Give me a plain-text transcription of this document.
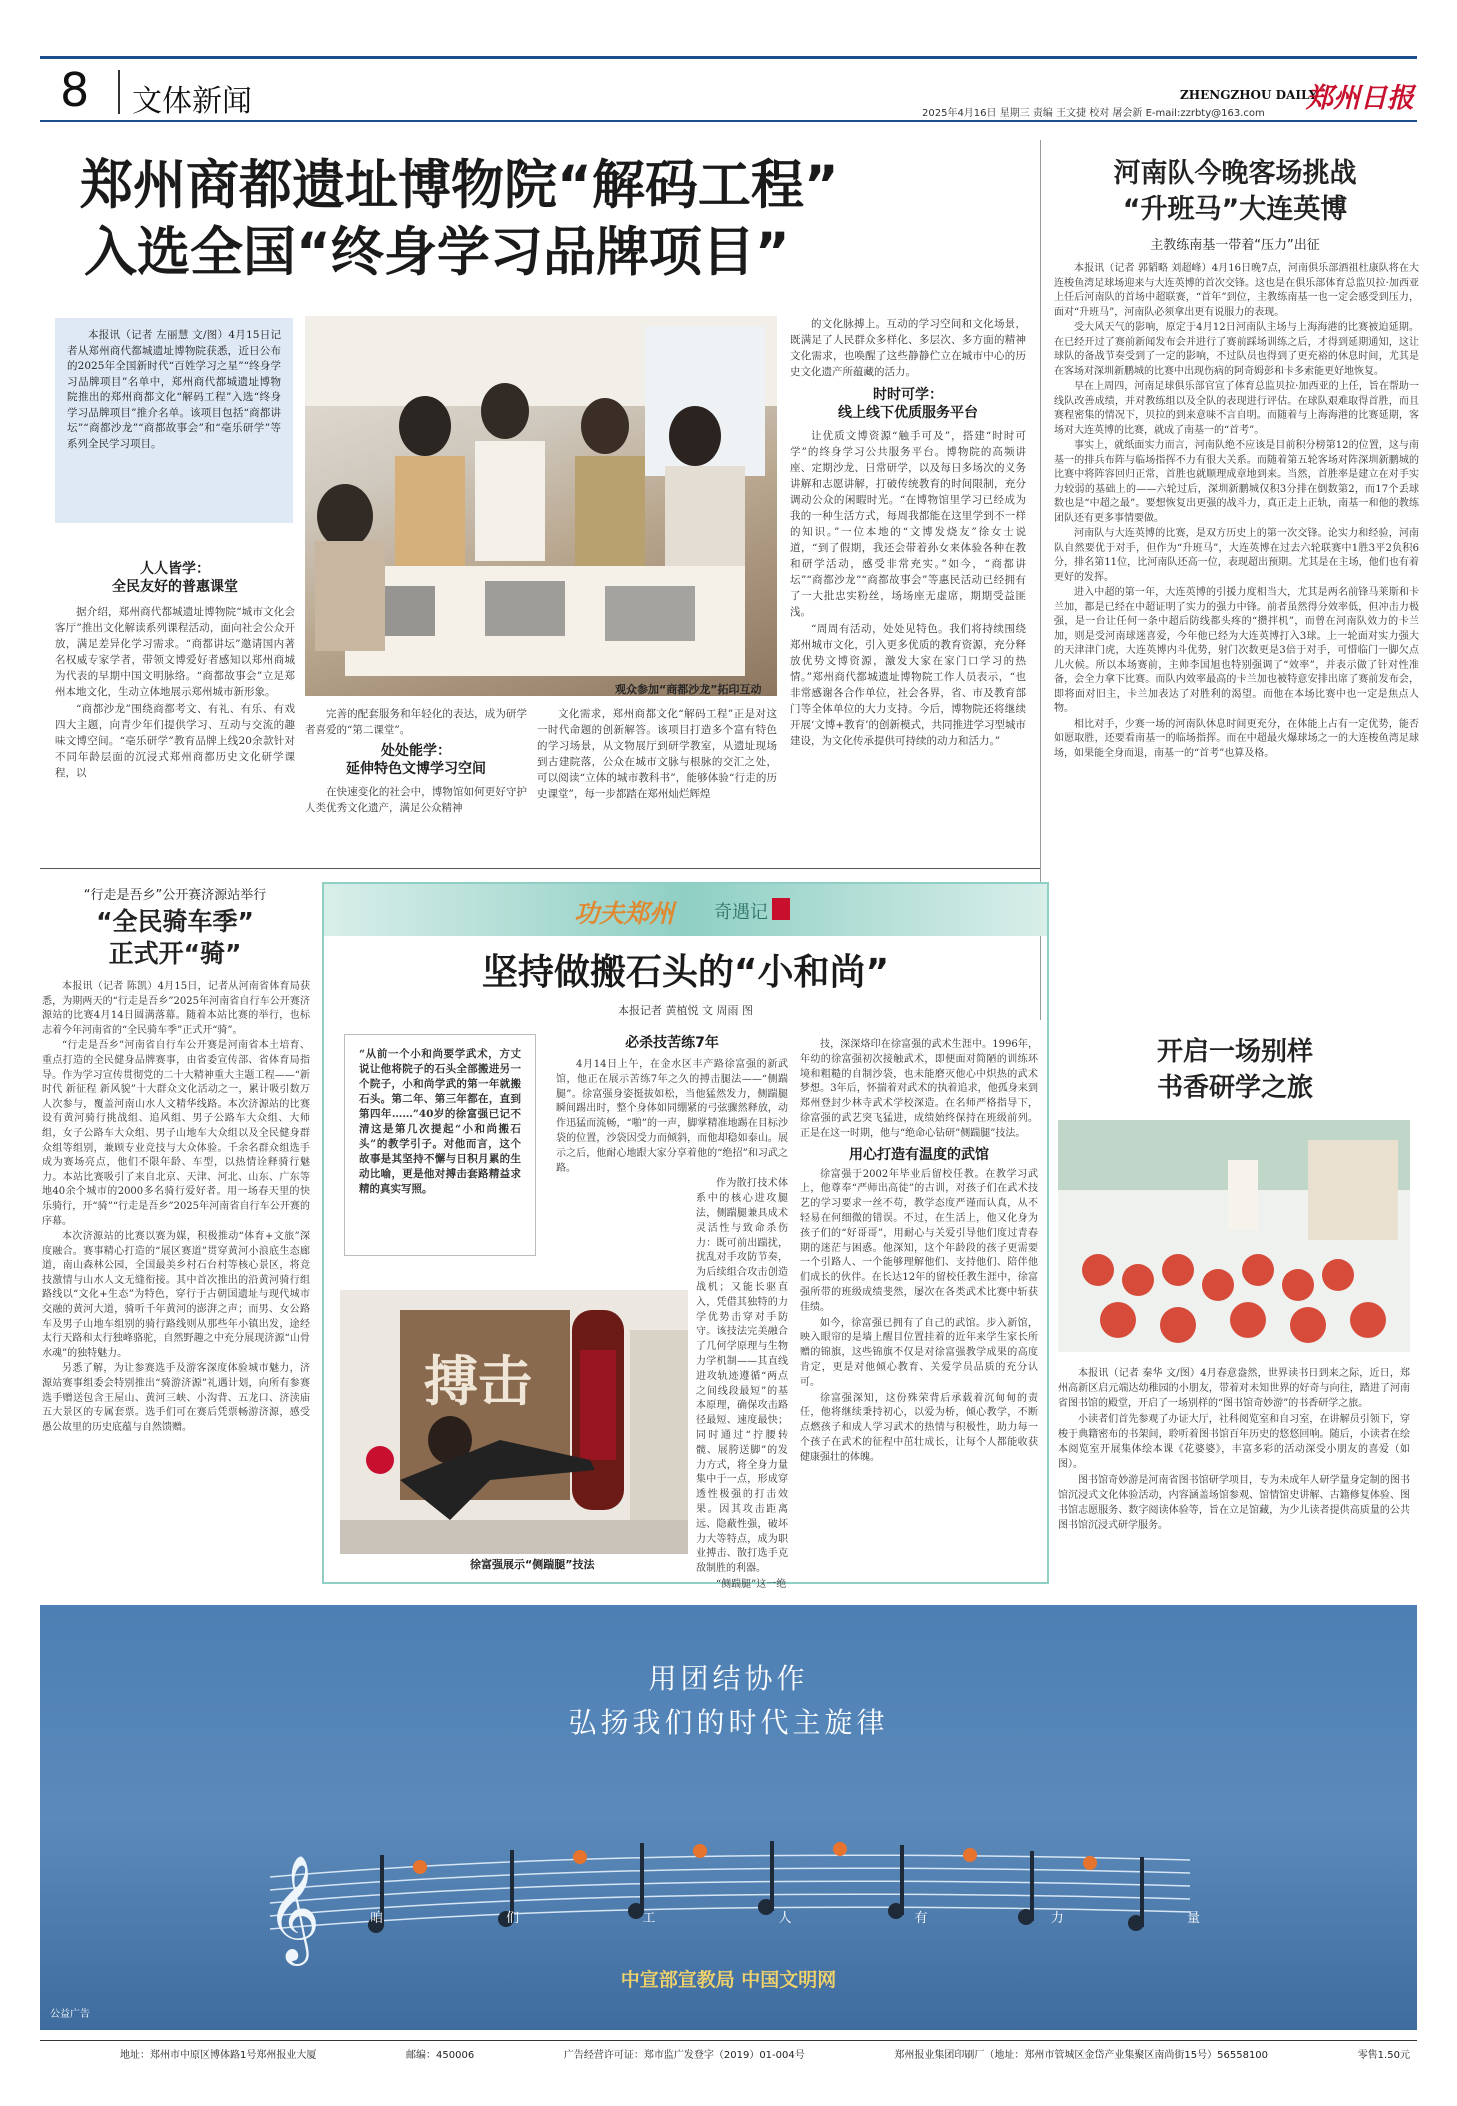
8 文体新闻	2025年4月16日 星期三 责编 王文捷 校对 屠会新 E-mail:zzrbty@163.com
ZHENGZHOU DAILY
郑州日报
郑州商都遗址博物院“解码工程”
入选全国“终身学习品牌项目”

本报讯（记者 左丽慧 文/图）4月15日记者从郑州商代都城遗址博物院获悉，近日公布的2025年全国新时代“百姓学习之星”“终身学习品牌项目”名单中，郑州商代都城遗址博物院推出的郑州商都文化“解码工程”入选“终身学习品牌项目”推介名单。该项目包括“商都讲坛”“商都沙龙”“商都故事会”和“亳乐研学”等系列全民学习项目。

人人皆学：
全民友好的普惠课堂

据介绍，郑州商代都城遗址博物院“城市文化会客厅”推出文化解读系列课程活动，面向社会公众开放，满足差异化学习需求。“商都讲坛”邀请国内著名权威专家学者，带领文博爱好者感知以郑州商城为代表的早期中国文明脉络。“商都故事会”立足郑州本地文化，生动立体地展示郑州城市新形象。

“商都沙龙”围绕商都考文、有礼、有乐、有戏四大主题，向青少年们提供学习、互动与交流的趣味文博空间。“亳乐研学”教育品牌上线20余款针对不同年龄层面的沉浸式郑州商都历史文化研学课程，以

观众参加“商都沙龙”拓印互动

完善的配套服务和年轻化的表达，成为研学者喜爱的“第二课堂”。

处处能学：
延伸特色文博学习空间

在快速变化的社会中，博物馆如何更好守护人类优秀文化遗产，满足公众精神

文化需求，郑州商都文化“解码工程”正是对这一时代命题的创新解答。该项目打造多个富有特色的学习场景，从文物展厅到研学教室，从遗址现场到古建院落，公众在城市文脉与根脉的交汇之处，可以阅读“立体的城市教科书”，能够体验“行走的历史课堂”，每一步都踏在郑州灿烂辉煌

的文化脉搏上。互动的学习空间和文化场景，既满足了人民群众多样化、多层次、多方面的精神文化需求，也唤醒了这些静静伫立在城市中心的历史文化遗产所蕴藏的活力。

时时可学：
线上线下优质服务平台

让优质文博资源“触手可及”，搭建“时时可学”的终身学习公共服务平台。博物院的高频讲座、定期沙龙、日常研学，以及每日多场次的义务讲解和志愿讲解，打破传统教育的时间限制，充分调动公众的闲暇时光。“在博物馆里学习已经成为我的一种生活方式，每周我都能在这里学到不一样的知识。”一位本地的“文博发烧友”徐女士说道，“到了假期，我还会带着孙女来体验各种在教和研学活动，感受非常充实。”如今，“商都讲坛”“商都沙龙”“商都故事会”等惠民活动已经拥有了一大批忠实粉丝，场场座无虚席，期期受益匪浅。

“周周有活动，处处见特色。我们将持续围绕郑州城市文化，引入更多优质的教育资源，充分释放优势文博资源，激发大家在家门口学习的热情。”郑州商代都城遗址博物院工作人员表示，“也非常感谢各合作单位，社会各界，省、市及教育部门等全体单位的大力支持。今后，博物院还将继续开展‘文博+教育’的创新模式，共同推进学习型城市建设，为文化传承提供可持续的动力和活力。”

河南队今晚客场挑战
“升班马”大连英博
主教练南基一带着“压力”出征

本报讯（记者 郭韬略 刘超峰）4月16日晚7点，河南俱乐部酒祖杜康队将在大连梭鱼湾足球场迎来与大连英博的首次交锋。这也是在俱乐部体育总监贝拉·加西亚上任后河南队的首场中超联赛，“首年”到位，主教练南基一也一定会感受到压力，面对“升班马”，河南队必须拿出更有说服力的表现。

受大风天气的影响，原定于4月12日河南队主场与上海海港的比赛被迫延期。在已经开过了赛前新闻发布会并进行了赛前踩场训练之后，才得到延期通知，这让球队的备战节奏受到了一定的影响，不过队员也得到了更充裕的休息时间，尤其是在客场对深圳新鹏城的比赛中出现伤病的阿奇姆彭和卡多索能更好地恢复。

早在上周四，河南足球俱乐部官宣了体育总监贝拉·加西亚的上任，旨在帮助一线队改善成绩，并对教练组以及全队的表现进行评估。在球队艰难取得首胜，而且赛程密集的情况下，贝拉的到来意味不言自明。而随着与上海海港的比赛延期，客场对大连英博的比赛，就成了南基一的“首考”。

事实上，就纸面实力而言，河南队绝不应该是目前积分榜第12的位置，这与南基一的排兵布阵与临场指挥不力有很大关系。而随着第五轮客场对阵深圳新鹏城的比赛中将阵容回归正常，首胜也就顺理成章地到来。当然，首胜率是建立在对手实力较弱的基础上的——六轮过后，深圳新鹏城仅积3分排在倒数第2，而17个丢球数也是“中超之最”。要想恢复出更强的战斗力，真正走上正轨，南基一和他的教练团队还有更多事情要做。

河南队与大连英博的比赛，是双方历史上的第一次交锋。论实力和经验，河南队自然要优于对手，但作为“升班马”，大连英博在过去六轮联赛中1胜3平2负积6分，排名第11位，比河南队还高一位，表现超出预期。尤其是在主场，他们也有着更好的发挥。

进入中超的第一年，大连英博的引援力度相当大，尤其是两名前锋马莱斯和卡兰加，都是已经在中超证明了实力的强力中锋。前者虽然得分效率低，但冲击力极强，是一台让任何一条中超后防线都头疼的“攒拌机”，而曾在河南队效力的卡兰加，则是受河南球迷喜爱，今年他已经为大连英博打入3球。上一轮面对实力强大的天津津门虎，大连英博内斗优势，射门次数更是3倍于对手，可惜临门一脚欠点儿火候。所以本场赛前，主帅李国旭也特别强调了“效率”，并表示做了针对性准备，会全力拿下比赛。而队内效率最高的卡兰加也被特意安排出席了赛前发布会，即将面对旧主，卡兰加表达了对胜利的渴望。而他在本场比赛中也一定是焦点人物。

相比对手，少赛一场的河南队休息时间更充分，在体能上占有一定优势，能否如愿取胜，还要看南基一的临场指挥。而在中超最火爆球场之一的大连梭鱼湾足球场，如果能全身而退，南基一的“首考”也算及格。

“行走是吾乡”公开赛济源站举行
“全民骑车季”
正式开“骑”

本报讯（记者 陈凯）4月15日，记者从河南省体育局获悉，为期两天的“行走是吾乡”2025年河南省自行车公开赛济源站的比赛4月14日圆满落幕。随着本站比赛的举行，也标志着今年河南省的“全民骑车季”正式开“骑”。

“行走是吾乡”河南省自行车公开赛是河南省本土培育、重点打造的全民健身品牌赛事，由省委宣传部、省体育局指导。作为学习宣传贯彻党的二十大精神重大主题工程——“新时代 新征程 新风貌”十大群众文化活动之一，累计吸引数万人次参与，覆盖河南山水人文精华线路。本次济源站的比赛设有黄河骑行挑战组、追风组、男子公路车大众组、大师组，女子公路车大众组、男子山地车大众组以及全民健身群众组等组别，兼顾专业竞技与大众体验。千余名群众组选手成为赛场亮点，他们不限年龄、车型，以热情诠释骑行魅力。本站比赛吸引了来自北京、天津、河北、山东、广东等地40余个城市的2000多名骑行爱好者。用一场春天里的快乐骑行，开“骑”“行走是吾乡”2025年河南省自行车公开赛的序幕。

本次济源站的比赛以赛为媒，积极推动“体育+文旅”深度融合。赛事精心打造的“展区赛道”贯穿黄河小浪底生态廊道，南山森林公园，全国最美乡村石台村等核心景区，将竞技激情与山水人文无缝衔接。其中首次推出的沿黄河骑行组路线以“文化+生态”为特色，穿行于古朝国遗址与现代城市交融的黄河大道，骑听千年黄河的澎湃之声；而男、女公路车及男子山地车组别的骑行路线则从那些年小镇出发，途经太行天路和太行独峰骆驼，自然野趣之中充分展现济源“山骨水魂”的独特魅力。

另悉了解，为让参赛选手及游客深度体验城市魅力，济源站赛事组委会特别推出“骑游济源”礼遇计划，向所有参赛选手赠送包含王屋山、黄河三峡、小沟背、五龙口、济渎庙五大景区的专属套票。选手们可在赛后凭票畅游济源，感受愚公故里的历史底蕴与自然馈赠。

功夫郑州 奇遇记
坚持做搬石头的“小和尚”
本报记者 黄植悦 文 周雨 图

“从前一个小和尚要学武术，方丈说让他将院子的石头全部搬进另一个院子，小和尚学武的第一年就搬石头。第二年、第三年都在，直到第四年……”40岁的徐富强已记不清这是第几次提起“小和尚搬石头”的教学引子。对他而言，这个故事是其坚持不懈与日积月累的生动比喻，更是他对搏击套路精益求精的真实写照。

搏击
徐富强展示“侧踹腿”技法
必杀技苦练7年

4月14日上午，在金水区丰产路徐富强的新武馆，他正在展示苦练7年之久的搏击腿法——“侧踹腿”。徐富强身姿挺拔如松，当他猛然发力，侧踹腿瞬间踢出时，整个身体如同绷紧的弓弦骤然释放，动作迅猛而流畅，“啪”的一声，脚掌精准地踢在目标沙袋的位置，沙袋因受力而倾斜，而他却稳如泰山。展示之后，他耐心地跟大家分享着他的“绝招”和习武之路。

作为散打技术体系中的核心进攻腿法，侧踹腿兼具成术灵活性与致命杀伤力：既可前出踹扰，扰乱对手攻防节奏，为后续组合攻击创造战机；又能长驱直入，凭借其独特的力学优势击穿对手防守。该技法完美融合了几何学原理与生物力学机制——其直线进攻轨迹遵循“两点之间线段最短”的基本原理，确保攻击路径最短、速度最快；同时通过“拧腰转髋、展胯送脚”的发力方式，将全身力量集中于一点，形成穿透性极强的打击效果。因其攻击距离远、隐蔽性强，破坏力大等特点，成为职业搏击、散打选手克敌制胜的利器。

“侧踹腿”这一绝

技，深深烙印在徐富强的武术生涯中。1996年，年幼的徐富强初次接触武术，即便面对简陋的训练环境和粗糙的自制沙袋，也未能磨灭他心中炽热的武术梦想。3年后，怀揣着对武术的执着追求，他孤身来到郑州登封少林寺武术学校深造。在名师严格指导下，徐富强的武艺突飞猛进，成绩始终保持在班级前列。正是在这一时期，他与“绝命心钻研”侧踹腿”技法。

用心打造有温度的武馆

徐富强于2002年毕业后留校任教。在教学习武上，他尊奉“严师出高徒”的古训，对孩子们在武术技艺的学习要求一丝不苟，教学态度严谨而认真，从不轻易在何细微的错误。不过，在生活上，他又化身为孩子们的“好哥哥”，用耐心与关爱引导他们度过青春期的迷茫与困惑。他深知，这个年龄段的孩子更需要一个引路人、一个能够理解他们、支持他们、陪伴他们成长的伙伴。在长达12年的留校任教生涯中，徐富强所带的班级成绩斐然，屡次在各类武术比赛中斩获佳绩。

如今，徐富强已拥有了自己的武馆。步入新馆，映入眼帘的是墙上醒目位置挂着的近年来学生家长所赠的锦旗，这些锦旗不仅是对徐富强教学成果的高度肯定，更是对他倾心教育、关爱学员品质的充分认可。

徐富强深知，这份殊荣背后承载着沉甸甸的责任，他将继续秉持初心，以爱为桥，倾心教学，不断点燃孩子和成人学习武术的热情与积极性，助力每一个孩子在武术的征程中茁壮成长，让每个人都能收获健康强壮的体魄。

开启一场别样
书香研学之旅

本报讯（记者 秦华 文/图）4月春意盎然，世界读书日到来之际，近日，郑州高新区启元端达幼稚园的小朋友，带着对未知世界的好奇与向往，踏进了河南省图书馆的殿堂，开启了一场别样的“图书馆奇妙游”的书香研学之旅。

小读者们首先参观了办证大厅，社科阅览室和自习室，在讲解员引领下，穿梭于典籍密布的书架间，聆听着图书馆百年历史的悠悠回响。随后，小读者在绘本阅览室开展集体绘本课《花婆婆》，丰富多彩的活动深受小朋友的喜爱（如图）。

图书馆奇妙游是河南省图书馆研学项目，专为未成年人研学量身定制的图书馆沉浸式文化体验活动，内容涵盖场馆参观、馆情馆史讲解、古籍修复体验、图书馆志愿服务、数字阅读体验等，旨在立足馆藏，为少儿读者提供高质量的公共图书馆沉浸式研学服务。

用团结协作
弘扬我们的时代主旋律
𝄞	咱	们	工	人	有	力	量
中宣部宣教局 中国文明网
公益广告
地址：郑州市中原区博体路1号郑州报业大厦	邮编：450006	广告经营许可证：郑市监广发登字（2019）01-004号	郑州报业集团印刷厂（地址：郑州市管城区金岱产业集聚区南尚街15号）56558100	零售1.50元
